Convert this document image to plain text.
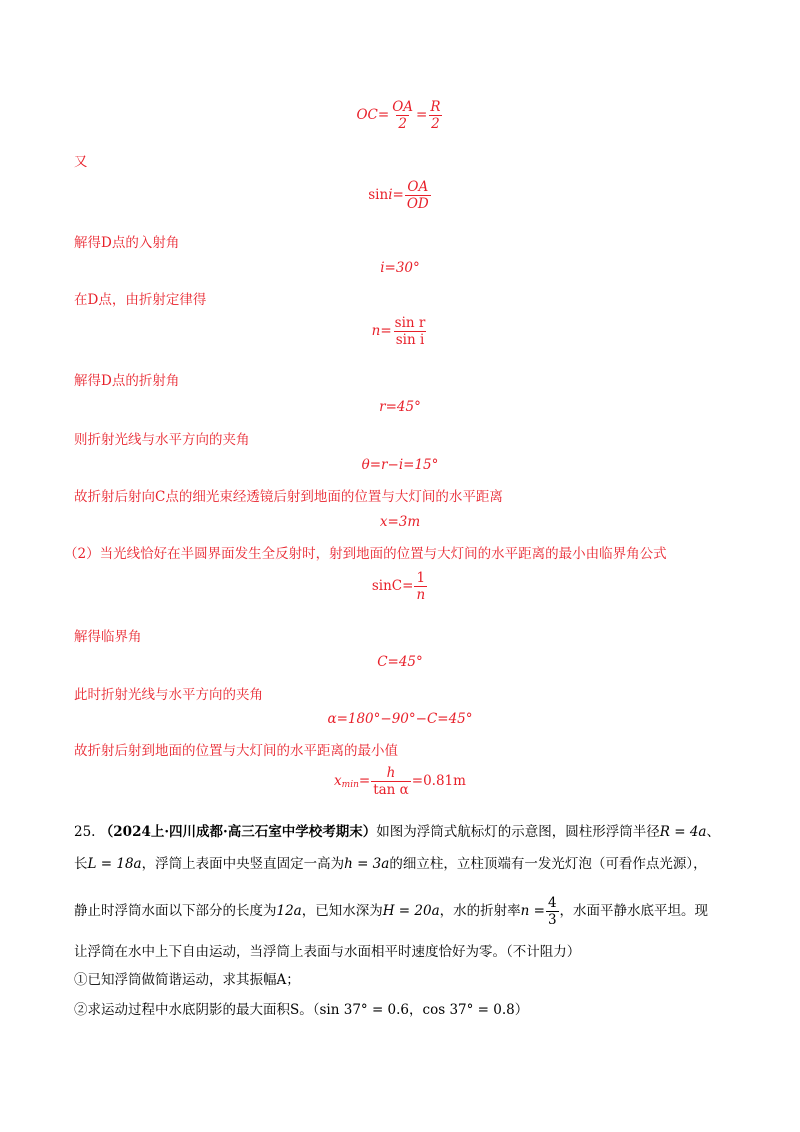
$OC= \frac{OA}{2} = \frac{R}{2}$
又
$\sin i= \frac{OA}{OD}$
解得D点的入射角
i=30°
在D点，由折射定律得
$n= \frac{\text{sin r}}{\text{sin i}}$
解得D点的折射角
r=45°
则折射光线与水平方向的夹角
θ=r−i=15°
故折射后射向C点的细光束经透镜后射到地面的位置与大灯间的水平距离
x=3m
（2）当光线恰好在半圆界面发生全反射时，射到地面的位置与大灯间的水平距离的最小由临界角公式
$\sin C= \frac{1}{n}$
解得临界角
C=45°
此时折射光线与水平方向的夹角
α=180°−90°−C=45°
故折射后射到地面的位置与大灯间的水平距离的最小值
$x_{min}= \frac{h}{\text{tan α}} =0.81m$
25. （2024上·四川成都·高三石室中学校考期末）如图为浮筒式航标灯的示意图，圆柱形浮筒半径R = 4a、
长L = 18a，浮筒上表面中央竖直固定一高为h = 3a的细立柱，立柱顶端有一发光灯泡（可看作点光源），
静止时浮筒水面以下部分的长度为12a，已知水深为H = 20a，水的折射率$n = \frac{4}{3}$ ，水面平静水底平坦。现
让浮筒在水中上下自由运动，当浮筒上表面与水面相平时速度恰好为零。（不计阻力）
①已知浮筒做简谐运动，求其振幅A；
②求运动过程中水底阴影的最大面积S。（sin 37° = 0.6，cos 37° = 0.8）
